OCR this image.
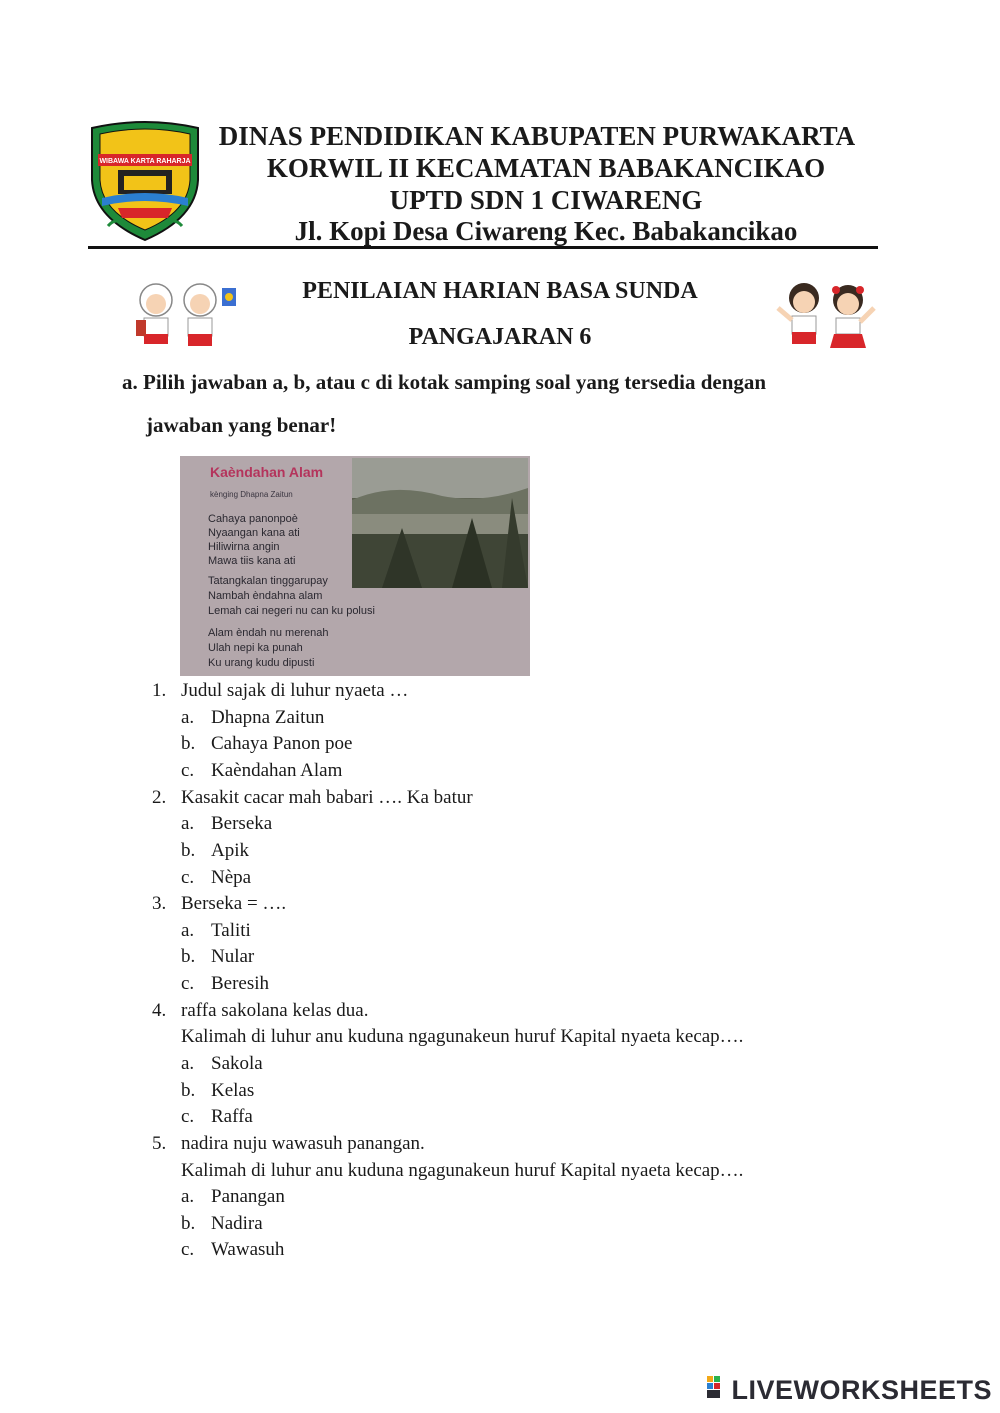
WIBAWA KARTA RAHARJA
DINAS PENDIDIKAN KABUPATEN PURWAKARTA
KORWIL II KECAMATAN BABAKANCIKAO
UPTD SDN 1 CIWARENG
Jl. Kopi Desa Ciwareng Kec. Babakancikao
PENILAIAN HARIAN BASA SUNDA
PANGAJARAN 6
a. Pilih jawaban a, b, atau c di kotak samping soal yang tersedia dengan
jawaban yang benar!
Kaèndahan Alam
kènging Dhapna Zaitun
Cahaya panonpoè
Nyaangan kana ati
Hiliwirna angin
Mawa tiis kana ati
Tatangkalan tinggarupay
Nambah èndahna alam
Lemah cai negeri nu can ku polusi
Alam èndah nu merenah
Ulah nepi ka punah
Ku urang kudu dipusti
1. Judul sajak di luhur nyaeta …
a. Dhapna Zaitun
b. Cahaya Panon poe
c. Kaèndahan Alam
2. Kasakit cacar mah babari …. Ka batur
a. Berseka
b. Apik
c. Nèpa
3. Berseka = ….
a. Taliti
b. Nular
c. Beresih
4. raffa sakolana kelas dua.
Kalimah di luhur anu kuduna ngagunakeun huruf Kapital nyaeta kecap….
a. Sakola
b. Kelas
c. Raffa
5. nadira nuju wawasuh panangan.
Kalimah di luhur anu kuduna ngagunakeun huruf Kapital nyaeta kecap….
a. Panangan
b. Nadira
c. Wawasuh
LIVEWORKSHEETS
